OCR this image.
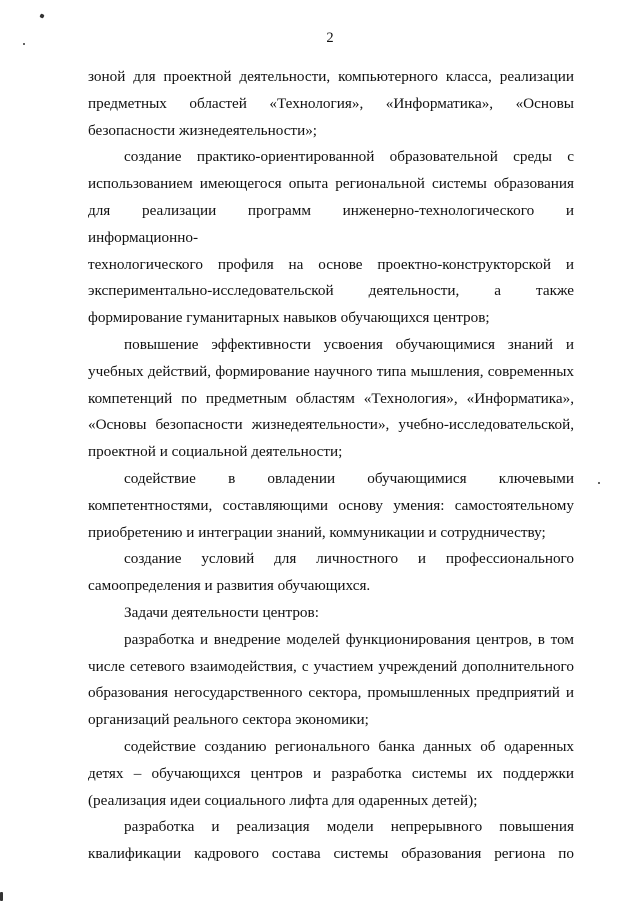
2
зоной для проектной деятельности, компьютерного класса, реализации
предметных областей «Технология», «Информатика», «Основы
безопасности жизнедеятельности»;
создание практико-ориентированной образовательной среды с
использованием имеющегося опыта региональной системы образования
для реализации программ инженерно-технологического и информационно-
технологического профиля на основе проектно-конструкторской и
экспериментально-исследовательской деятельности, а также
формирование гуманитарных навыков обучающихся центров;
повышение эффективности усвоения обучающимися знаний и
учебных действий, формирование научного типа мышления, современных
компетенций по предметным областям «Технология», «Информатика»,
«Основы безопасности жизнедеятельности», учебно-исследовательской,
проектной и социальной деятельности;
содействие в овладении обучающимися ключевыми
компетентностями, составляющими основу умения: самостоятельному
приобретению и интеграции знаний, коммуникации и сотрудничеству;
создание условий для личностного и профессионального
самоопределения и развития обучающихся.
Задачи деятельности центров:
разработка и внедрение моделей функционирования центров, в том
числе сетевого взаимодействия, с участием учреждений дополнительного
образования негосударственного сектора, промышленных предприятий и
организаций реального сектора экономики;
содействие созданию регионального банка данных об одаренных
детях – обучающихся центров и разработка системы их поддержки
(реализация идеи социального лифта для одаренных детей);
разработка и реализация модели непрерывного повышения
квалификации кадрового состава системы образования региона по
